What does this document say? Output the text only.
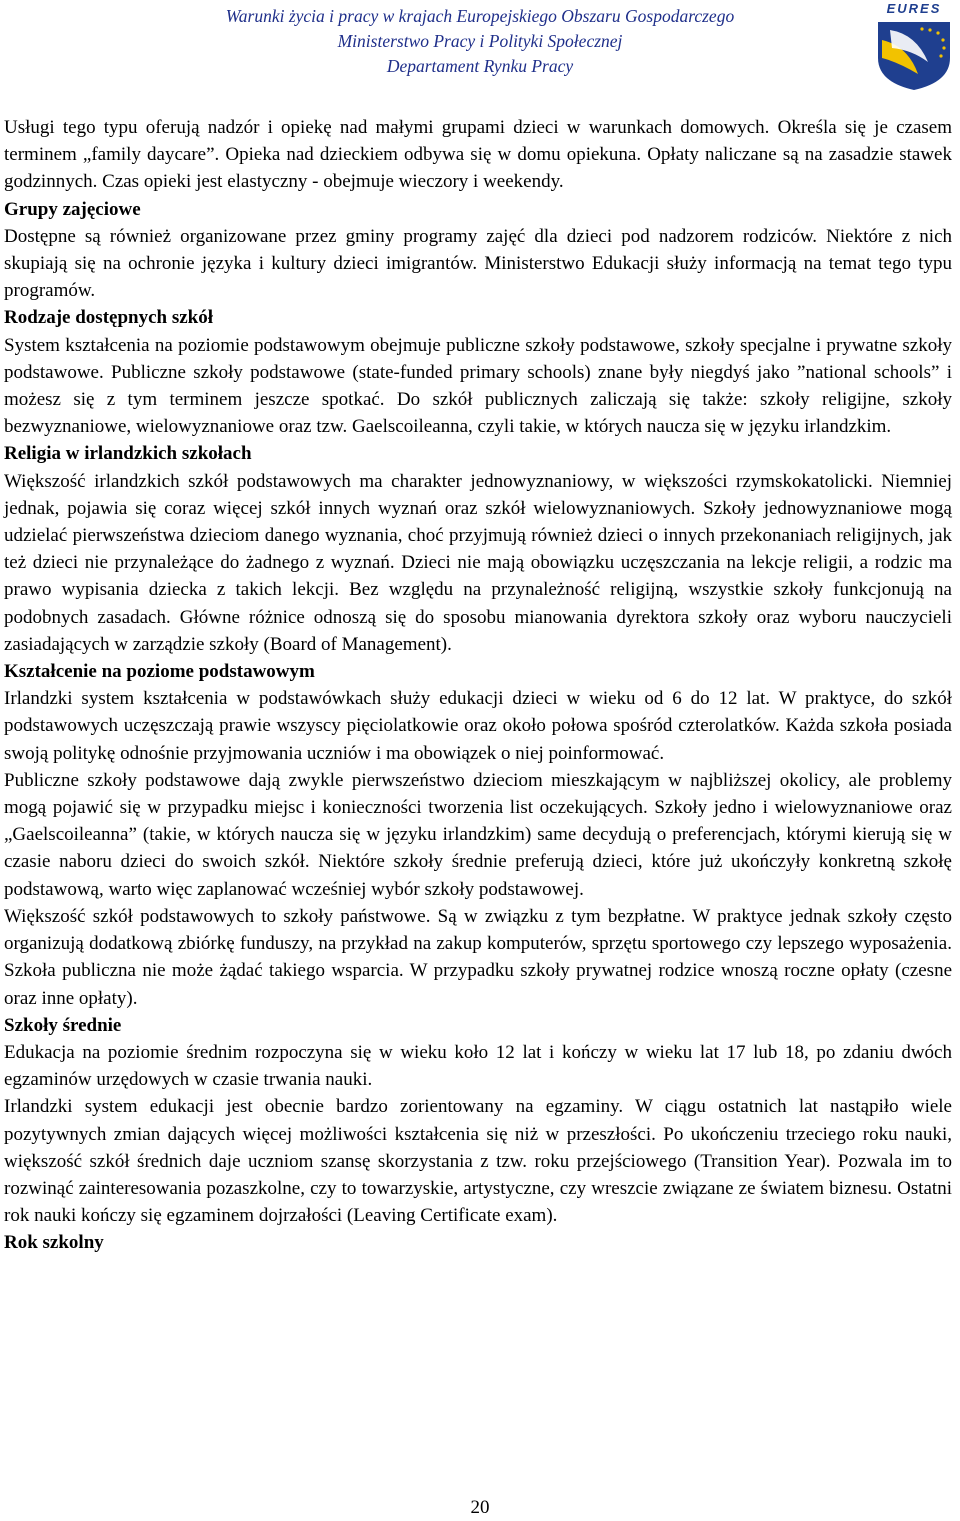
Warunki życia i pracy w krajach Europejskiego Obszaru Gospodarczego
Ministerstwo Pracy i Polityki Społecznej
Departament Rynku Pracy
EURES

Usługi tego typu oferują nadzór i opiekę nad małymi grupami dzieci w warunkach domowych. Określa się je czasem terminem „family daycare”. Opieka nad dzieckiem odbywa się w domu opiekuna. Opłaty naliczane są na zasadzie stawek godzinnych. Czas opieki jest elastyczny - obejmuje wieczory i weekendy.

Grupy zajęciowe

Dostępne są również organizowane przez gminy programy zajęć dla dzieci pod nadzorem rodziców. Niektóre z nich skupiają się na ochronie języka i kultury dzieci imigrantów. Ministerstwo Edukacji służy informacją na temat tego typu programów.

Rodzaje dostępnych szkół

System kształcenia na poziomie podstawowym obejmuje publiczne szkoły podstawowe, szkoły specjalne i prywatne szkoły podstawowe. Publiczne szkoły podstawowe (state-funded primary schools) znane były niegdyś jako ”national schools” i możesz się z tym terminem jeszcze spotkać. Do szkół publicznych zaliczają się także: szkoły religijne, szkoły bezwyznaniowe, wielowyznaniowe oraz tzw. Gaelscoileanna, czyli takie, w których naucza się w języku irlandzkim.

Religia w irlandzkich szkołach

Większość irlandzkich szkół podstawowych ma charakter jednowyznaniowy, w większości rzymskokatolicki. Niemniej jednak, pojawia się coraz więcej szkół innych wyznań oraz szkół wielowyznaniowych. Szkoły jednowyznaniowe mogą udzielać pierwszeństwa dzieciom danego wyznania, choć przyjmują również dzieci o innych przekonaniach religijnych, jak też dzieci nie przynależące do żadnego z wyznań. Dzieci nie mają obowiązku uczęszczania na lekcje religii, a rodzic ma prawo wypisania dziecka z takich lekcji. Bez względu na przynależność religijną, wszystkie szkoły funkcjonują na podobnych zasadach. Główne różnice odnoszą się do sposobu mianowania dyrektora szkoły oraz wyboru nauczycieli zasiadających w zarządzie szkoły (Board of Management).

Kształcenie na poziome podstawowym

Irlandzki system kształcenia w podstawówkach służy edukacji dzieci w wieku od 6 do 12 lat. W praktyce, do szkół podstawowych uczęszczają prawie wszyscy pięciolatkowie oraz około połowa spośród czterolatków. Każda szkoła posiada swoją politykę odnośnie przyjmowania uczniów i ma obowiązek o niej poinformować.

Publiczne szkoły podstawowe dają zwykle pierwszeństwo dzieciom mieszkającym w najbliższej okolicy, ale problemy mogą pojawić się w przypadku miejsc i konieczności tworzenia list oczekujących. Szkoły jedno i wielowyznaniowe oraz „Gaelscoileanna” (takie, w których naucza się w języku irlandzkim) same decydują o preferencjach, którymi kierują się w czasie naboru dzieci do swoich szkół. Niektóre szkoły średnie preferują dzieci, które już ukończyły konkretną szkołę podstawową, warto więc zaplanować wcześniej wybór szkoły podstawowej.

Większość szkół podstawowych to szkoły państwowe. Są w związku z tym bezpłatne. W praktyce jednak szkoły często organizują dodatkową zbiórkę funduszy, na przykład na zakup komputerów, sprzętu sportowego czy lepszego wyposażenia. Szkoła publiczna nie może żądać takiego wsparcia. W przypadku szkoły prywatnej rodzice wnoszą roczne opłaty (czesne oraz inne opłaty).

Szkoły średnie

Edukacja na poziomie średnim rozpoczyna się w wieku koło 12 lat i kończy w wieku lat 17 lub 18, po zdaniu dwóch egzaminów urzędowych w czasie trwania nauki.

Irlandzki system edukacji jest obecnie bardzo zorientowany na egzaminy. W ciągu ostatnich lat nastąpiło wiele pozytywnych zmian dających więcej możliwości kształcenia się niż w przeszłości. Po ukończeniu trzeciego roku nauki, większość szkół średnich daje uczniom szansę skorzystania z tzw. roku przejściowego (Transition Year). Pozwala im to rozwinąć zainteresowania pozaszkolne, czy to towarzyskie, artystyczne, czy wreszcie związane ze światem biznesu. Ostatni rok nauki kończy się egzaminem dojrzałości (Leaving Certificate exam).

Rok szkolny
20
